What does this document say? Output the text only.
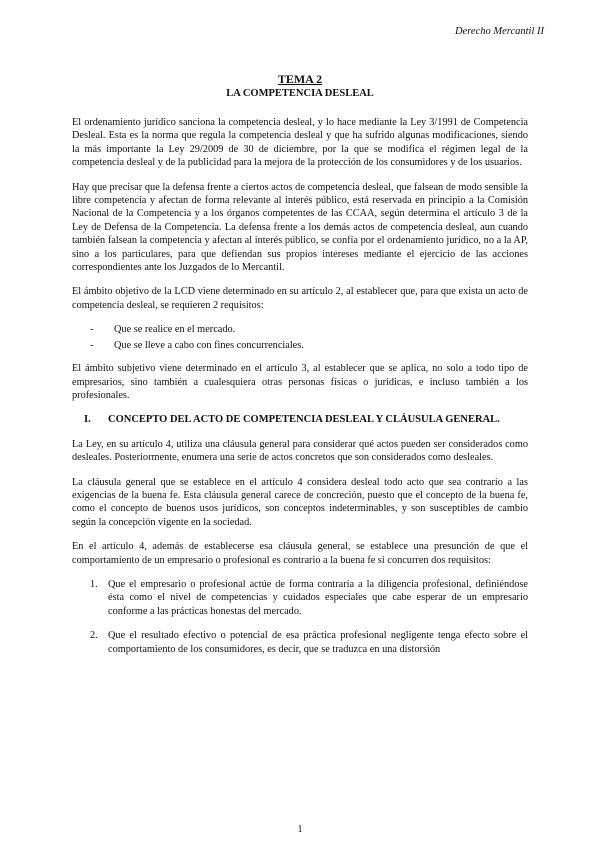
Derecho Mercantil II
TEMA 2
LA COMPETENCIA DESLEAL

El ordenamiento jurídico sanciona la competencia desleal, y lo hace mediante la Ley 3/1991 de Competencia Desleal. Esta es la norma que regula la competencia desleal y que ha sufrido algunas modificaciones, siendo la más importante la Ley 29/2009 de 30 de diciembre, por la que se modifica el régimen legal de la competencia desleal y de la publicidad para la mejora de la protección de los consumidores y de los usuarios.

Hay que precisar que la defensa frente a ciertos actos de competencia desleal, que falsean de modo sensible la libre competencia y afectan de forma relevante al interés público, está reservada en principio a la Comisión Nacional de la Competencia y a los órganos competentes de las CCAA, según determina el artículo 3 de la Ley de Defensa de la Competencia. La defensa frente a los demás actos de competencia desleal, aun cuando también falsean la competencia y afectan al interés público, se confía por el ordenamiento jurídico, no a la AP, sino a los particulares, para que defiendan sus propios intereses mediante el ejercicio de las acciones correspondientes ante los Juzgados de lo Mercantil.

El ámbito objetivo de la LCD viene determinado en su artículo 2, al establecer que, para que exista un acto de competencia desleal, se requieren 2 requisitos:

-	Que se realice en el mercado.
-	Que se lleve a cabo con fines concurrenciales.

El ámbito subjetivo viene determinado en el artículo 3, al establecer que se aplica, no solo a todo tipo de empresarios, sino también a cualesquiera otras personas físicas o jurídicas, e incluso también a los profesionales.

I.	CONCEPTO DEL ACTO DE COMPETENCIA DESLEAL Y CLÁUSULA GENERAL.

La Ley, en su artículo 4, utiliza una cláusula general para considerar qué actos pueden ser considerados como desleales. Posteriormente, enumera una serie de actos concretos que son considerados como desleales.

La cláusula general que se establece en el artículo 4 considera desleal todo acto que sea contrario a las exigencias de la buena fe. Esta cláusula general carece de concreción, puesto que el concepto de la buena fe, como el concepto de buenos usos jurídicos, son conceptos indeterminables, y son susceptibles de cambio según la concepción vigente en la sociedad.

En el artículo 4, además de establecerse esa cláusula general, se establece una presunción de que el comportamiento de un empresario o profesional es contrario a la buena fe si concurren dos requisitos:

1. Que el empresario o profesional actúe de forma contraria a la diligencia profesional, definiéndose ésta como el nivel de competencias y cuidados especiales que cabe esperar de un empresario conforme a las prácticas honestas del mercado.
2. Que el resultado efectivo o potencial de esa práctica profesional negligente tenga efecto sobre el comportamiento de los consumidores, es decir, que se traduzca en una distorsión
1
